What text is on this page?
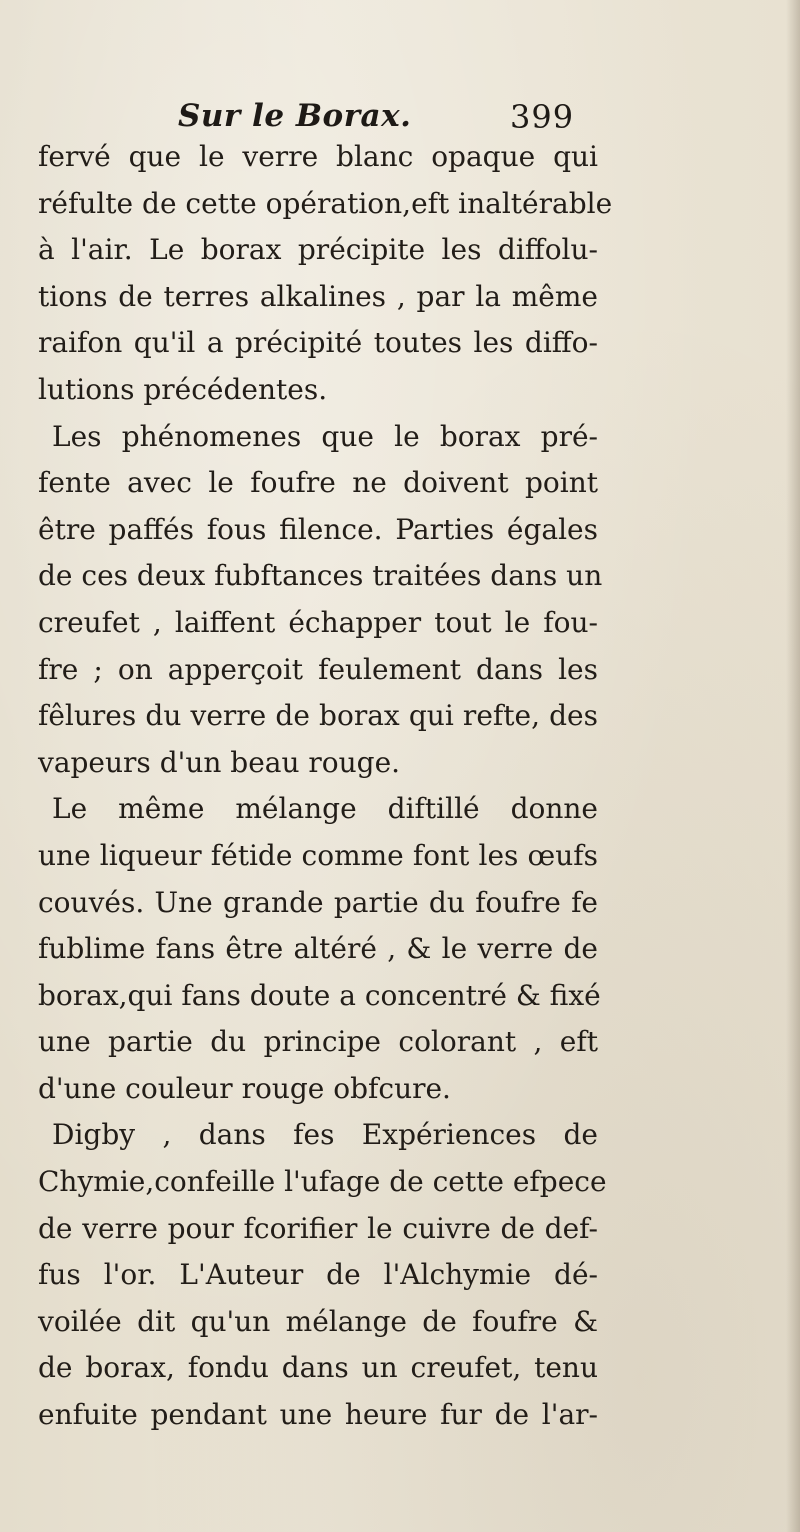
Sur le Borax.	399
fervé que le verre blanc opaque qui
réfulte de cette opération,eft inaltérable
à l'air. Le borax précipite les diffolu-
tions de terres alkalines , par la même
raifon qu'il a précipité toutes les diffo-
lutions précédentes.
Les phénomenes que le borax pré-
fente avec le foufre ne doivent point
être paffés fous filence. Parties égales
de ces deux fubftances traitées dans un
creufet , laiffent échapper tout le fou-
fre ; on apperçoit feulement dans les
fêlures du verre de borax qui refte, des
vapeurs d'un beau rouge.
Le même mélange diftillé donne
une liqueur fétide comme font les œufs
couvés. Une grande partie du foufre fe
fublime fans être altéré , & le verre de
borax,qui fans doute a concentré & fixé
une partie du principe colorant , eft
d'une couleur rouge obfcure.
Digby , dans fes Expériences de
Chymie,confeille l'ufage de cette efpece
de verre pour fcorifier le cuivre de def-
fus l'or. L'Auteur de l'Alchymie dé-
voilée dit qu'un mélange de foufre &
de borax, fondu dans un creufet, tenu
enfuite pendant une heure fur de l'ar-
